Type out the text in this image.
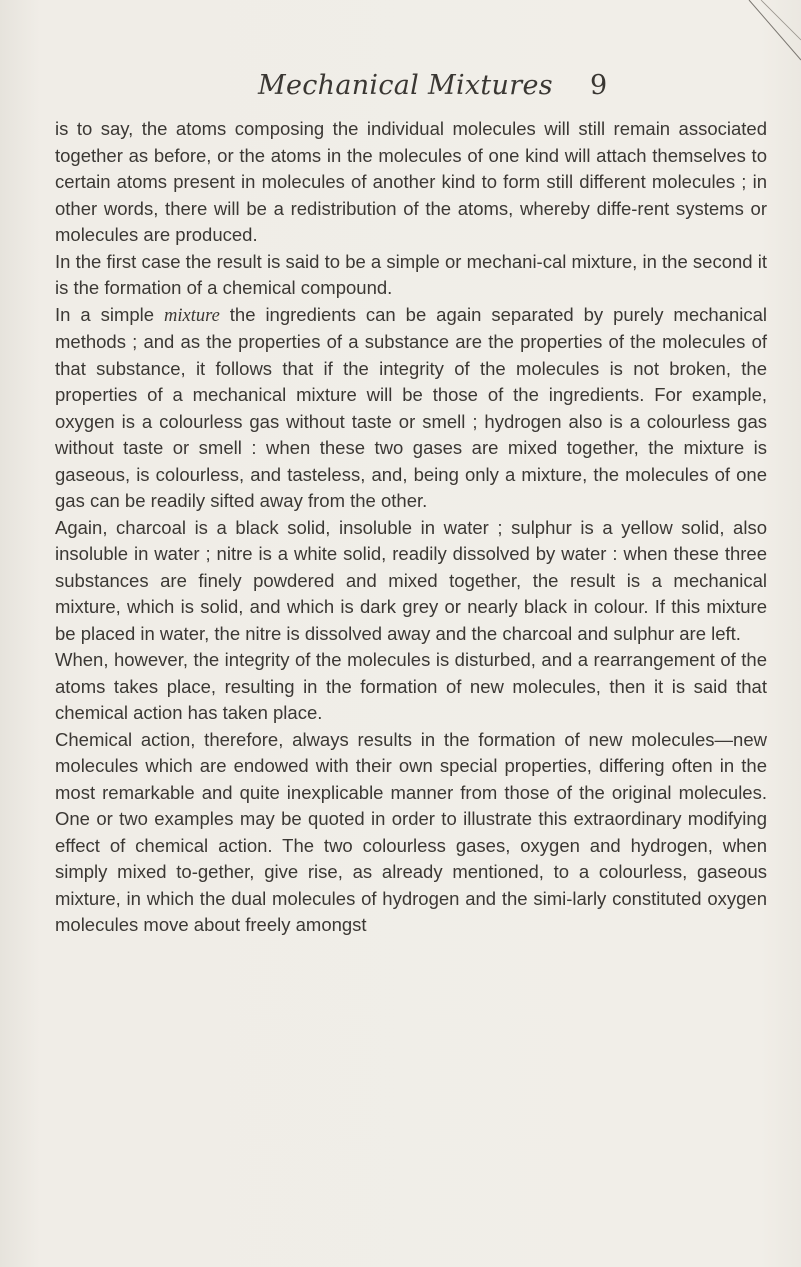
Mechanical Mixtures 9

is to say, the atoms composing the individual molecules will still remain associated together as before, or the atoms in the molecules of one kind will attach themselves to certain atoms present in molecules of another kind to form still different molecules ; in other words, there will be a redistribution of the atoms, whereby diffe-rent systems or molecules are produced.

In the first case the result is said to be a simple or mechani-cal mixture, in the second it is the formation of a chemical compound.

In a simple mixture the ingredients can be again separated by purely mechanical methods ; and as the properties of a substance are the properties of the molecules of that substance, it follows that if the integrity of the molecules is not broken, the properties of a mechanical mixture will be those of the ingredients. For example, oxygen is a colourless gas without taste or smell ; hydrogen also is a colourless gas without taste or smell : when these two gases are mixed together, the mixture is gaseous, is colourless, and tasteless, and, being only a mixture, the molecules of one gas can be readily sifted away from the other.

Again, charcoal is a black solid, insoluble in water ; sulphur is a yellow solid, also insoluble in water ; nitre is a white solid, readily dissolved by water : when these three substances are finely powdered and mixed together, the result is a mechanical mixture, which is solid, and which is dark grey or nearly black in colour. If this mixture be placed in water, the nitre is dissolved away and the charcoal and sulphur are left.

When, however, the integrity of the molecules is disturbed, and a rearrangement of the atoms takes place, resulting in the formation of new molecules, then it is said that chemical action has taken place.

Chemical action, therefore, always results in the formation of new molecules—new molecules which are endowed with their own special properties, differing often in the most remarkable and quite inexplicable manner from those of the original molecules. One or two examples may be quoted in order to illustrate this extraordinary modifying effect of chemical action. The two colourless gases, oxygen and hydrogen, when simply mixed to-gether, give rise, as already mentioned, to a colourless, gaseous mixture, in which the dual molecules of hydrogen and the simi-larly constituted oxygen molecules move about freely amongst
